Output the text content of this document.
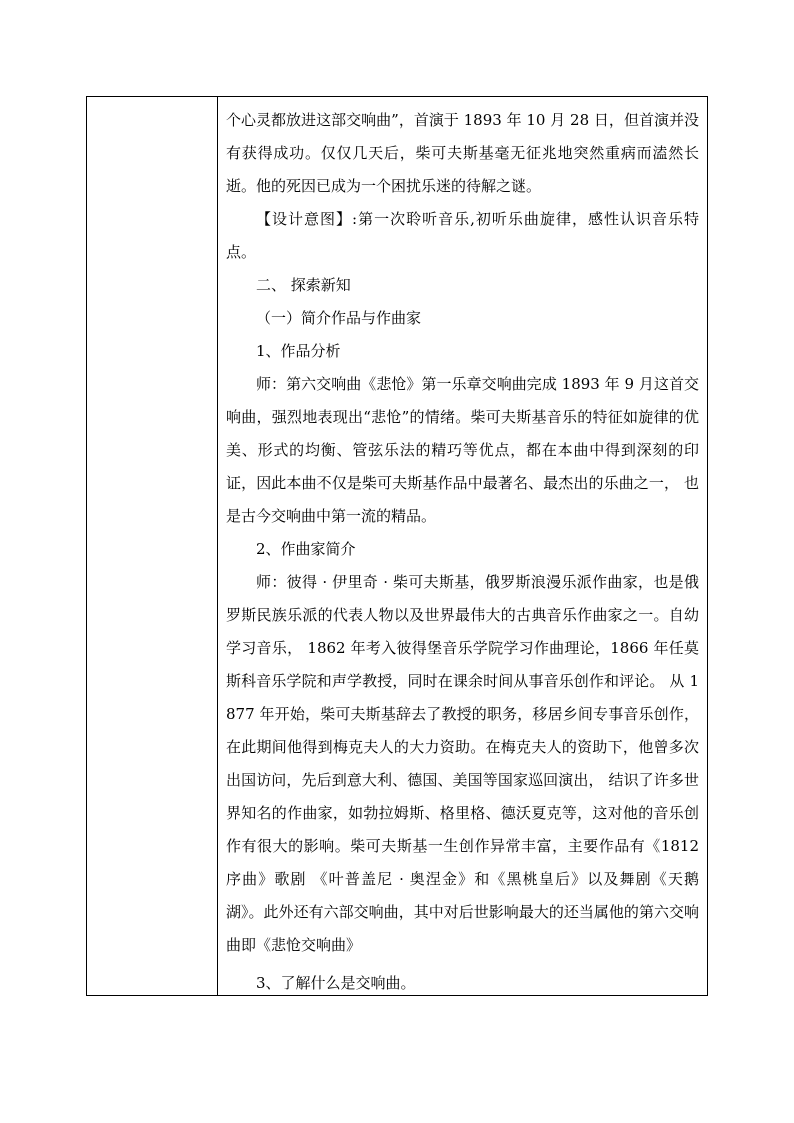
个心灵都放进这部交响曲”，首演于 1893 年 10 月 28 日，但首演并没有获得成功。仅仅几天后，柴可夫斯基毫无征兆地突然重病而溘然长逝。他的死因已成为一个困扰乐迷的待解之谜。

【设计意图】:第一次聆听音乐,初听乐曲旋律，感性认识音乐特点。

二、 探索新知

（一）简介作品与作曲家

1、作品分析

师：第六交响曲《悲怆》第一乐章交响曲完成 1893 年 9 月这首交响曲，强烈地表现出“悲怆”的情绪。柴可夫斯基音乐的特征如旋律的优美、形式的均衡、管弦乐法的精巧等优点，都在本曲中得到深刻的印证，因此本曲不仅是柴可夫斯基作品中最著名、最杰出的乐曲之一， 也是古今交响曲中第一流的精品。

2、作曲家简介

师：彼得 · 伊里奇 · 柴可夫斯基，俄罗斯浪漫乐派作曲家，也是俄罗斯民族乐派的代表人物以及世界最伟大的古典音乐作曲家之一。自幼学习音乐， 1862 年考入彼得堡音乐学院学习作曲理论，1866 年任莫斯科音乐学院和声学教授，同时在课余时间从事音乐创作和评论。 从 1877 年开始，柴可夫斯基辞去了教授的职务，移居乡间专事音乐创作， 在此期间他得到梅克夫人的大力资助。在梅克夫人的资助下，他曾多次出国访问，先后到意大利、德国、美国等国家巡回演出， 结识了许多世界知名的作曲家，如勃拉姆斯、格里格、德沃夏克等，这对他的音乐创作有很大的影响。柴可夫斯基一生创作异常丰富，主要作品有《1812 序曲》歌剧 《叶普盖尼 · 奥涅金》和《黑桃皇后》以及舞剧《天鹅湖》。此外还有六部交响曲，其中对后世影响最大的还当属他的第六交响曲即《悲怆交响曲》

3、了解什么是交响曲。
